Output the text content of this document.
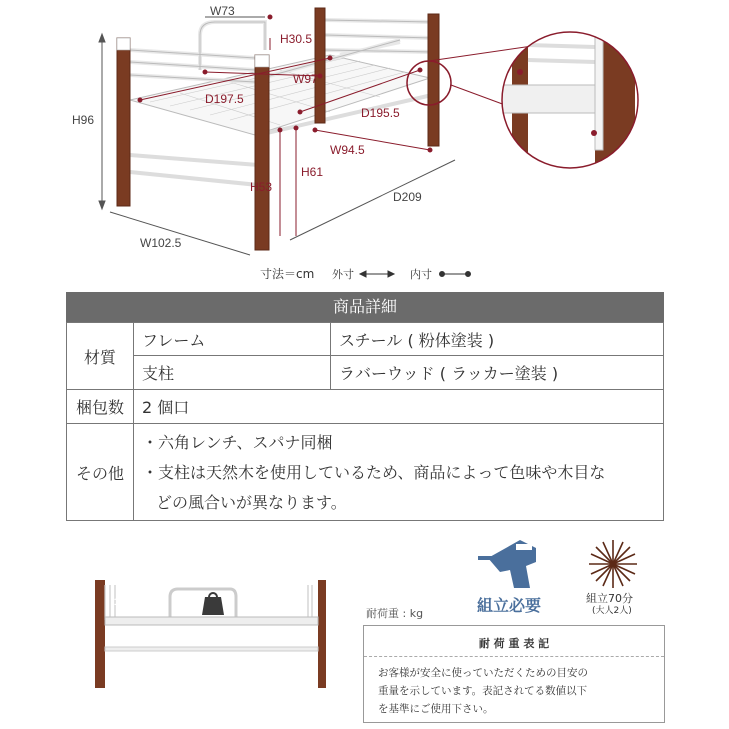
W73
H30.5
W97
H96
D197.5
D195.5
W94.5
H61
H53
D209
W102.5
寸法＝cm 外寸	内寸
商品詳細
材質
フレーム	スチール ( 粉体塗装 )
支柱	ラバーウッド ( ラッカー塗装 )
梱包数	2 個口
その他
・六角レンチ、スパナ同梱
・支柱は天然木を使用しているため、商品によって色味や木目な
どの風合いが異なります。
組立必要	組立70分
(大人2人)
120
耐荷重 : kg
耐 荷 重 表 記
お客様が安全に使っていただくための目安の
重量を示しています。表記されてる数値以下
を基準にご使用下さい。
